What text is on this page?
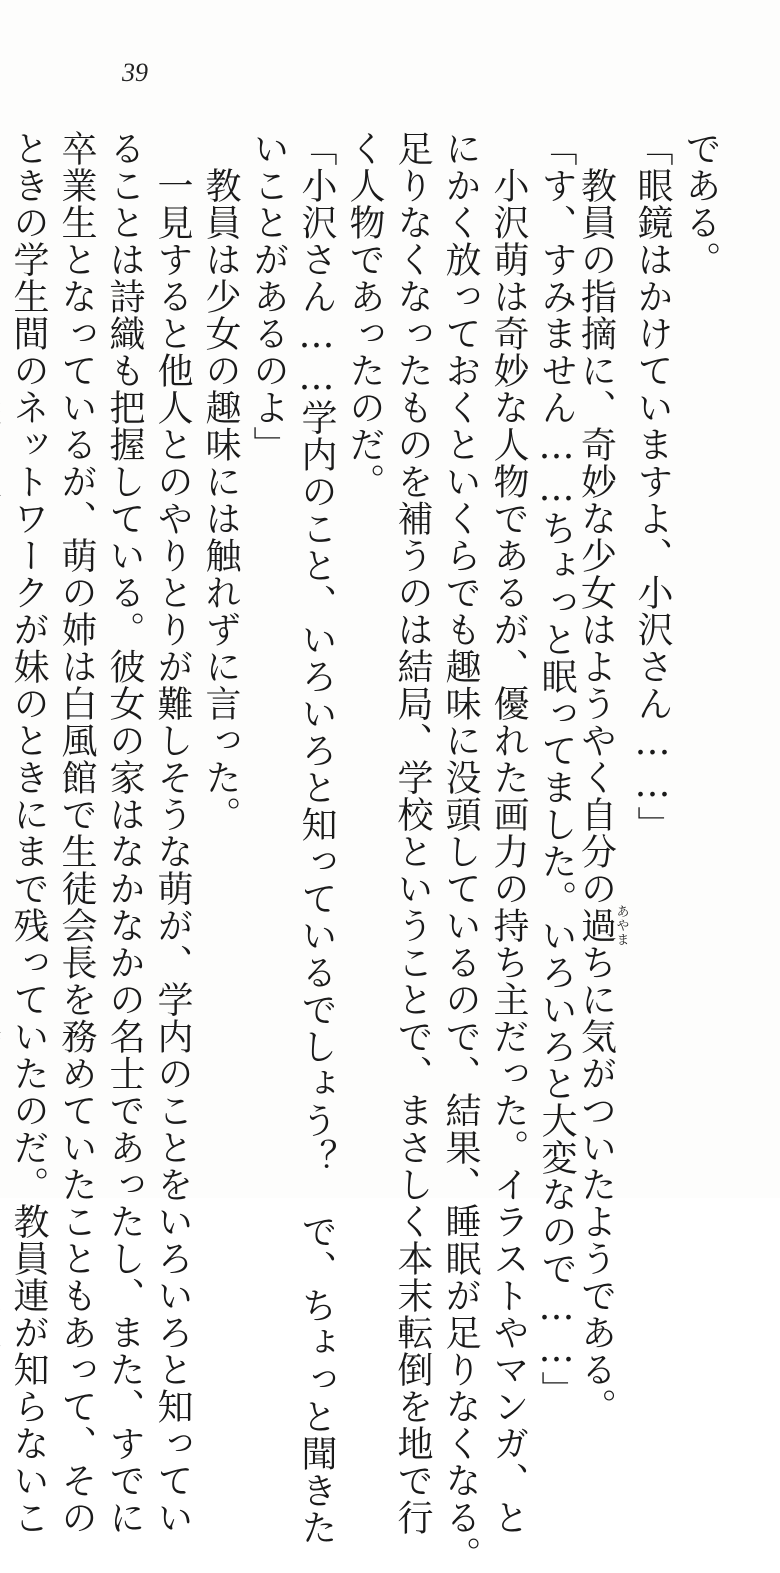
39
である。
「眼鏡はかけていますよ、小沢さん……」
　教員の指摘に、奇妙な少女はようやく自分の過あやまちに気がついたようである。
「す、すみません……ちょっと眠ってました。いろいろと大変なので……」
　小沢萌は奇妙な人物であるが、優れた画力の持ち主だった。イラストやマンガ、と
にかく放っておくといくらでも趣味に没頭しているので、結果、睡眠が足りなくなる。
足りなくなったものを補うのは結局、学校ということで、まさしく本末転倒を地で行
く人物であったのだ。
「小沢さん……学内のこと、いろいろと知っているでしょう？　で、ちょっと聞きた
いことがあるのよ」
　教員は少女の趣味には触れずに言った。
　一見すると他人とのやりとりが難しそうな萌が、学内のことをいろいろと知ってい
ることは詩織も把握している。彼女の家はなかなかの名士であったし、また、すでに
卒業生となっているが、萌の姉は白風館で生徒会長を務めていたこともあって、その
ときの学生間のネットワークが妹のときにまで残っていたのだ。教員連が知らないこ
